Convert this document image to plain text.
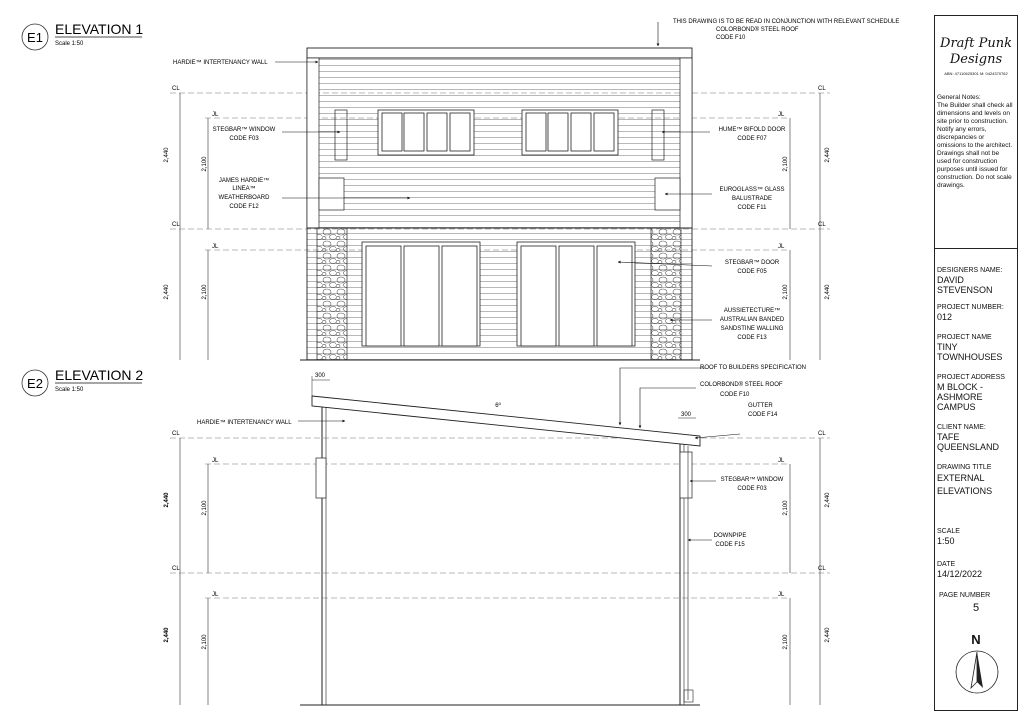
E1
ELEVATION 1
Scale 1:50
CL
CL
CL
CL
JL
JL
JL
JL
2,440
2,440
2,100
2,100
2,440
2,440
2,100
2,100
THIS DRAWING IS TO BE READ IN CONJUNCTION WITH RELEVANT SCHEDULE
COLORBOND® STEEL ROOF
CODE F10
HARDIE™ INTERTENANCY WALL
STEGBAR™ WINDOW
CODE F03
JAMES HARDIE™
LINEA™
WEATHERBOARD
CODE F12
HUME™ BIFOLD DOOR
CODE F07
EUROGLASS™ GLASS
BALUSTRADE
CODE F11
STEGBAR™ DOOR
CODE F05
AUSSIETECTURE™
AUSTRALIAN BANDED
SANDSTINE WALLING
CODE F13
E2
ELEVATION 2
Scale 1:50
CL
CL
CL
CL
JL
JL
JL
JL
2,440
2,440
2,100
2,100
2,440
2,440
2,100
2,100
300
300
6º
ROOF TO BUILDERS SPECIFICATION
COLORBOND® STEEL ROOF
CODE F10
HARDIE™ INTERTENANCY WALL
GUTTER
CODE F14
STEGBAR™ WINDOW
CODE F03
DOWNPIPE
CODE F15
Draft Punk
Designs
ABN: 47110625301 M: 0424370762
General Notes:
The Builder shall check all dimensions and levels on site prior to construction. Notify any errors, discrepancies or omissions to the architect. Drawings shall not be used for construction purposes until issued for construction. Do not scale drawings.
DESIGNERS NAME:
DAVID
STEVENSON
PROJECT NUMBER:
012
PROJECT NAME
TINY
TOWNHOUSES
PROJECT ADDRESS
M BLOCK -
ASHMORE
CAMPUS
CLIENT NAME:
TAFE
QUEENSLAND
DRAWING TITLE
EXTERNAL
ELEVATIONS
SCALE
1:50
DATE
14/12/2022
PAGE NUMBER
5
N
